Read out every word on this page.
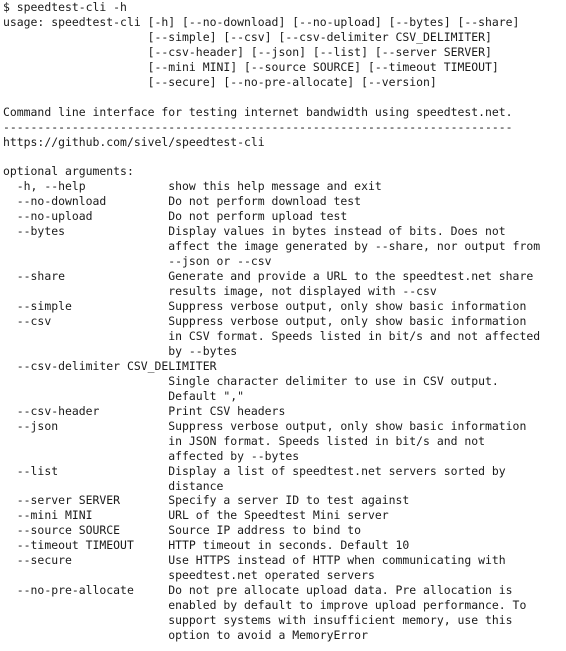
$ speedtest-cli -h
usage: speedtest-cli [-h] [--no-download] [--no-upload] [--bytes] [--share]
[--simple] [--csv] [--csv-delimiter CSV_DELIMITER]
[--csv-header] [--json] [--list] [--server SERVER]
[--mini MINI] [--source SOURCE] [--timeout TIMEOUT]
[--secure] [--no-pre-allocate] [--version]
Command line interface for testing internet bandwidth using speedtest.net.
--------------------------------------------------------------------------
https://github.com/sivel/speedtest-cli
optional arguments:
-h, --help            show this help message and exit
--no-download         Do not perform download test
--no-upload           Do not perform upload test
--bytes               Display values in bytes instead of bits. Does not
affect the image generated by --share, nor output from
--json or --csv
--share               Generate and provide a URL to the speedtest.net share
results image, not displayed with --csv
--simple              Suppress verbose output, only show basic information
--csv                 Suppress verbose output, only show basic information
in CSV format. Speeds listed in bit/s and not affected
by --bytes
--csv-delimiter CSV_DELIMITER
Single character delimiter to use in CSV output.
Default ","
--csv-header          Print CSV headers
--json                Suppress verbose output, only show basic information
in JSON format. Speeds listed in bit/s and not
affected by --bytes
--list                Display a list of speedtest.net servers sorted by
distance
--server SERVER       Specify a server ID to test against
--mini MINI           URL of the Speedtest Mini server
--source SOURCE       Source IP address to bind to
--timeout TIMEOUT     HTTP timeout in seconds. Default 10
--secure              Use HTTPS instead of HTTP when communicating with
speedtest.net operated servers
--no-pre-allocate     Do not pre allocate upload data. Pre allocation is
enabled by default to improve upload performance. To
support systems with insufficient memory, use this
option to avoid a MemoryError
